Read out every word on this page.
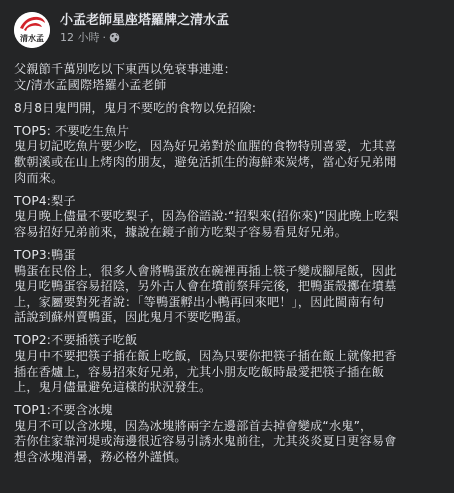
清水孟
小孟老師星座塔羅牌之清水孟
12 小時 ·
父親節千萬別吃以下東西以免衰事連連：
文/清水孟國際塔羅小孟老師
8月8日鬼門開，鬼月不要吃的食物以免招險:
TOP5: 不要吃生魚片
鬼月切記吃魚片要少吃，因為好兄弟對於血腥的食物特別喜愛，尤其喜
歡朝溪或在山上烤肉的朋友，避免活抓生的海鮮來炭烤，當心好兄弟聞
肉而來。
TOP4:梨子
鬼月晚上儘量不要吃梨子，因為俗語說:“招梨來(招你來)”因此晚上吃梨
容易招好兄弟前來，據說在鏡子前方吃梨子容易看見好兄弟。
TOP3:鴨蛋
鴨蛋在民俗上，很多人會將鴨蛋放在碗裡再插上筷子變成腳尾飯，因此
鬼月吃鴨蛋容易招陰，另外古人會在墳前祭拜完後，把鴨蛋殼擲在墳墓
上，家屬要對死者說：「等鴨蛋孵出小鴨再回來吧！」，因此閩南有句
話說到蘇州賣鴨蛋，因此鬼月不要吃鴨蛋。
TOP2:不要插筷子吃飯
鬼月中不要把筷子插在飯上吃飯，因為只要你把筷子插在飯上就像把香
插在香爐上，容易招來好兄弟，尤其小朋友吃飯時最愛把筷子插在飯
上，鬼月儘量避免這樣的狀況發生。
TOP1:不要含冰塊
鬼月不可以含冰塊，因為冰塊將兩字左邊部首去掉會變成“水鬼”，
若你住家靠河堤或海邊很近容易引誘水鬼前往，尤其炎炎夏日更容易會
想含冰塊消暑，務必格外謹慎。
